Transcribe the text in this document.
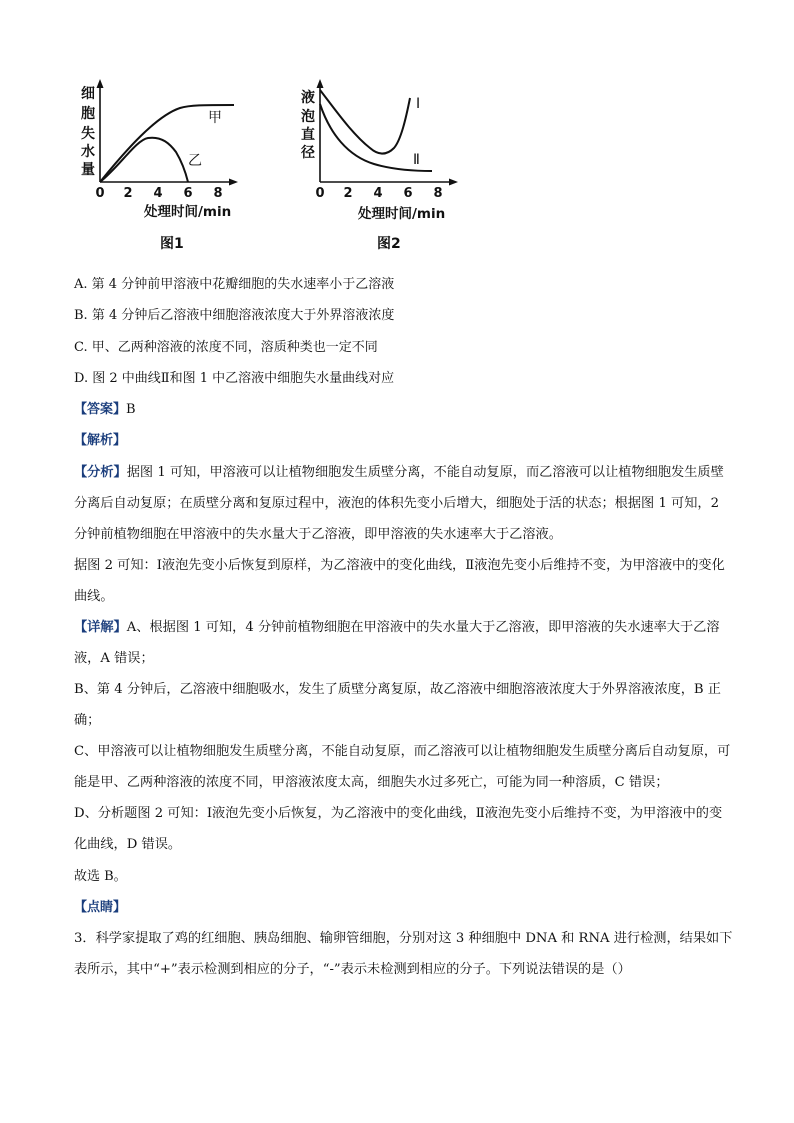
细
胞
失
水
量
甲
乙
0 2 4 6 8
处理时间/min
图1
液
泡
直
径
Ⅰ
Ⅱ
0 2 4 6 8
处理时间/min
图2
A. 第 4 分钟前甲溶液中花瓣细胞的失水速率小于乙溶液
B. 第 4 分钟后乙溶液中细胞溶液浓度大于外界溶液浓度
C. 甲、乙两种溶液的浓度不同，溶质种类也一定不同
D. 图 2 中曲线Ⅱ和图 1 中乙溶液中细胞失水量曲线对应
【答案】B
【解析】
【分析】据图 1 可知，甲溶液可以让植物细胞发生质壁分离，不能自动复原，而乙溶液可以让植物细胞发生质壁分离后自动复原；在质壁分离和复原过程中，液泡的体积先变小后增大，细胞处于活的状态；根据图 1 可知，2 分钟前植物细胞在甲溶液中的失水量大于乙溶液，即甲溶液的失水速率大于乙溶液。
据图 2 可知：Ⅰ液泡先变小后恢复到原样，为乙溶液中的变化曲线，Ⅱ液泡先变小后维持不变，为甲溶液中的变化曲线。
【详解】A、根据图 1 可知，4 分钟前植物细胞在甲溶液中的失水量大于乙溶液，即甲溶液的失水速率大于乙溶液，A 错误；
B、第 4 分钟后，乙溶液中细胞吸水，发生了质壁分离复原，故乙溶液中细胞溶液浓度大于外界溶液浓度，B 正确；
C、甲溶液可以让植物细胞发生质壁分离，不能自动复原，而乙溶液可以让植物细胞发生质壁分离后自动复原，可能是甲、乙两种溶液的浓度不同，甲溶液浓度太高，细胞失水过多死亡，可能为同一种溶质，C 错误；
D、分析题图 2 可知：Ⅰ液泡先变小后恢复，为乙溶液中的变化曲线，Ⅱ液泡先变小后维持不变，为甲溶液中的变化曲线，D 错误。
故选 B。
【点睛】
3．科学家提取了鸡的红细胞、胰岛细胞、输卵管细胞，分别对这 3 种细胞中 DNA 和 RNA 进行检测，结果如下表所示，其中“+”表示检测到相应的分子，“-”表示未检测到相应的分子。下列说法错误的是（）
